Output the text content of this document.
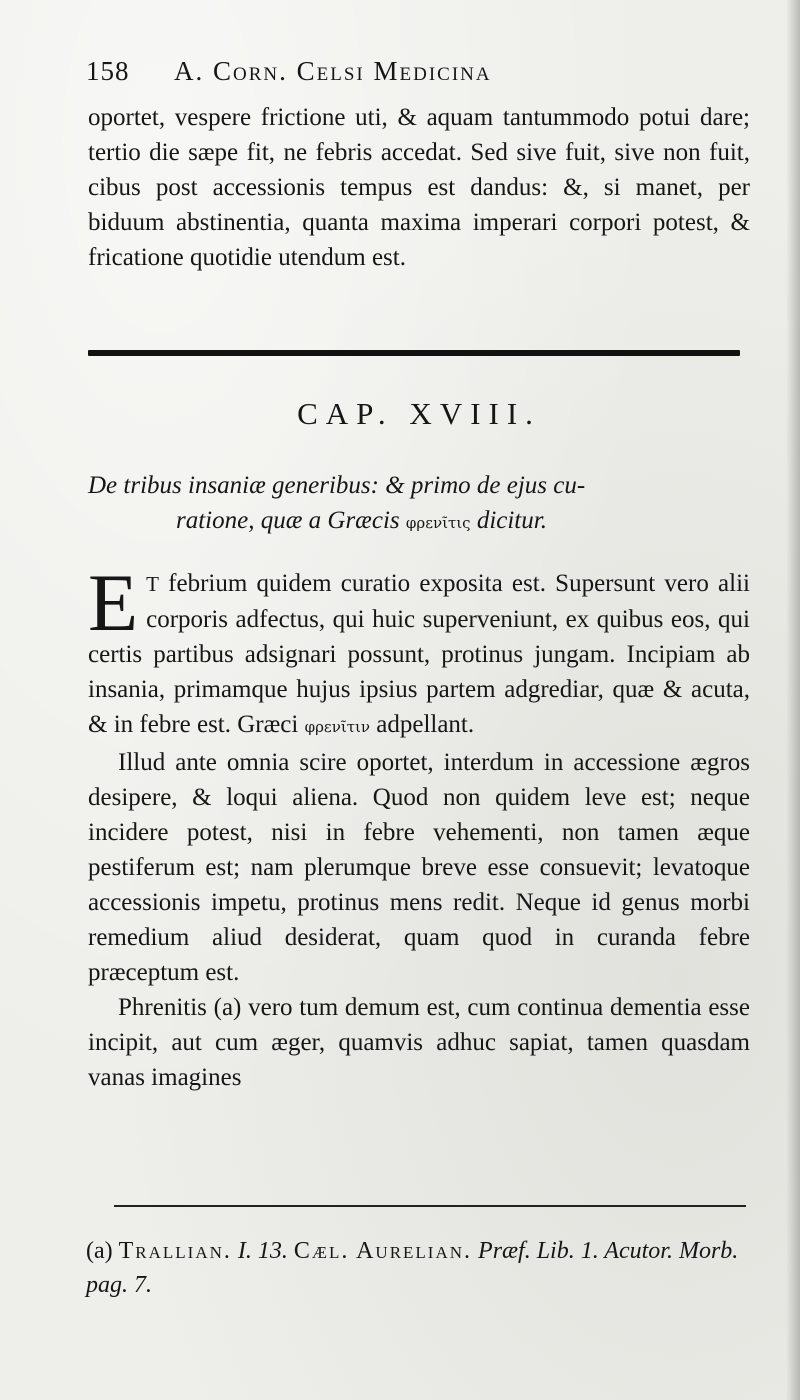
158 A. Corn. Celsi Medicina

oportet, vespere frictione uti, & aquam tantummodo potui dare; tertio die sæpe fit, ne febris accedat. Sed sive fuit, sive non fuit, cibus post accessionis tempus est dandus: &, si manet, per biduum abstinentia, quanta maxima imperari corpori potest, & fricatione quotidie utendum est.

CAP. XVIII.
De tribus insaniæ generibus: & primo de ejus cu-
ratione, quæ a Græcis φρενῖτις dicitur.

E T febrium quidem curatio exposita est. Supersunt vero alii corporis adfectus, qui huic superveniunt, ex quibus eos, qui certis partibus adsignari possunt, protinus jungam. Incipiam ab insania, primamque hujus ipsius partem adgrediar, quæ & acuta, & in febre est. Græci φρενῖτιν adpellant.

Illud ante omnia scire oportet, interdum in accessione ægros desipere, & loqui aliena. Quod non quidem leve est; neque incidere potest, nisi in febre vehementi, non tamen æque pestiferum est; nam plerumque breve esse consuevit; levatoque accessionis impetu, protinus mens redit. Neque id genus morbi remedium aliud desiderat, quam quod in curanda febre præceptum est.

Phrenitis (a) vero tum demum est, cum continua dementia esse incipit, aut cum æger, quamvis adhuc sapiat, tamen quasdam vanas imagines

(a) Trallian. I. 13. Cæl. Aurelian. Præf. Lib. 1. Acutor. Morb. pag. 7.
